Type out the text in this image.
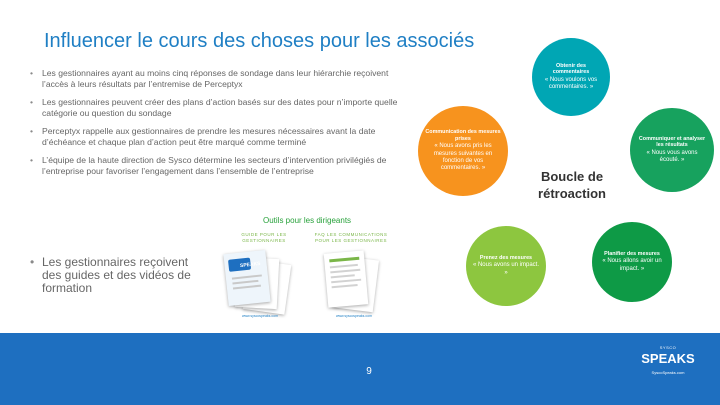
Influencer le cours des choses pour les associés
• Les gestionnaires ayant au moins cinq réponses de sondage dans leur hiérarchie reçoivent l’accès à leurs résultats par l’entremise de Perceptyx
• Les gestionnaires peuvent créer des plans d’action basés sur des dates pour n’importe quelle catégorie ou question du sondage
• Perceptyx rappelle aux gestionnaires de prendre les mesures nécessaires avant la date d’échéance et chaque plan d’action peut être marqué comme terminé
• L’équipe de la haute direction de Sysco détermine les secteurs d’intervention privilégiés de l’entreprise pour favoriser l’engagement dans l’ensemble de l’entreprise
Outils pour les dirigeants
GUIDE POUR LES GESTIONNAIRES
FAQ LES COMMUNICATIONS POUR LES GESTIONNAIRES
SPEAKS
www.syscospeaks.com	www.syscospeaks.com
• Les gestionnaires reçoivent des guides et des vidéos de formation
Obtenir des commentaires
« Nous voulons vos commentaires. »
Communiquer et analyser les résultats
« Nous vous avons écouté. »
Planifier des mesures
« Nous allons avoir un impact. »
Prenez des mesures
« Nous avons un impact. »
Communication des mesures prises
« Nous avons pris les mesures suivantes en fonction de vos commentaires. »
Boucle de rétroaction
9
SYSCO
SPEAKS
SyscoSpeaks.com
